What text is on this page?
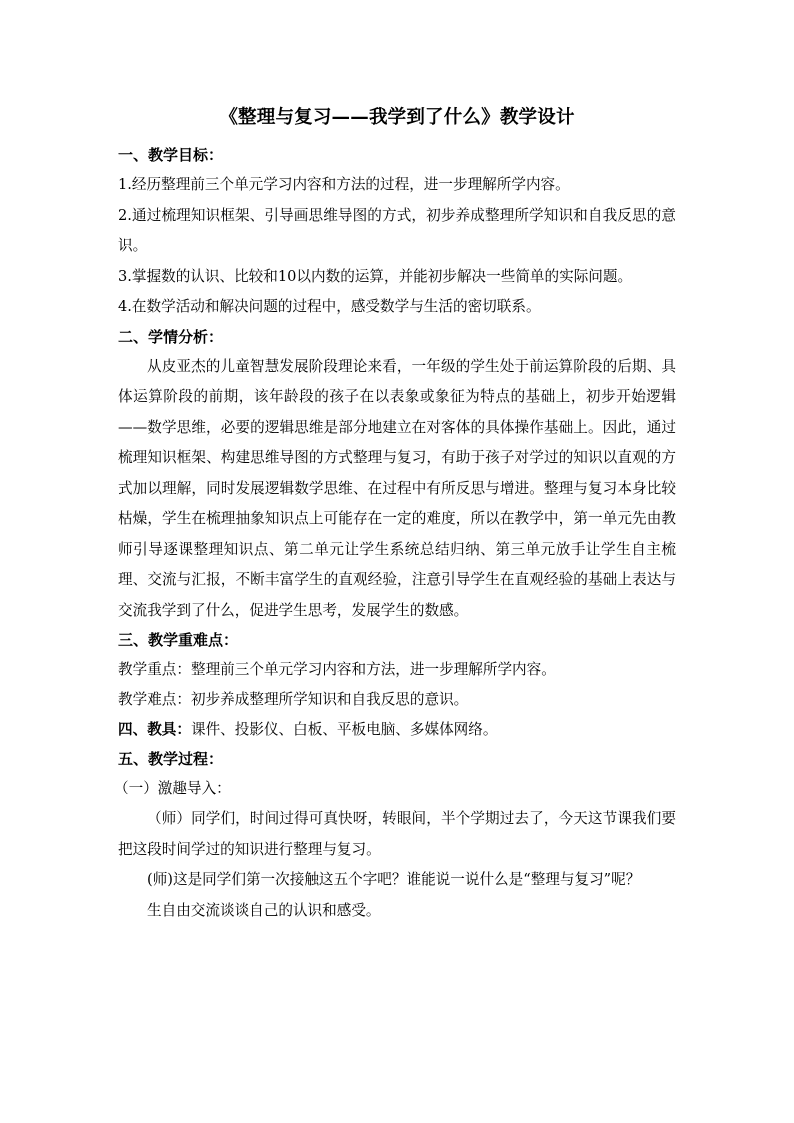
《整理与复习——我学到了什么》教学设计

一、教学目标：

1.经历整理前三个单元学习内容和方法的过程，进一步理解所学内容。

2.通过梳理知识框架、引导画思维导图的方式，初步养成整理所学知识和自我反思的意识。

3.掌握数的认识、比较和10以内数的运算，并能初步解决一些简单的实际问题。

4.在数学活动和解决问题的过程中，感受数学与生活的密切联系。

二、学情分析：

从皮亚杰的儿童智慧发展阶段理论来看，一年级的学生处于前运算阶段的后期、具体运算阶段的前期，该年龄段的孩子在以表象或象征为特点的基础上，初步开始逻辑——数学思维，必要的逻辑思维是部分地建立在对客体的具体操作基础上。因此，通过梳理知识框架、构建思维导图的方式整理与复习，有助于孩子对学过的知识以直观的方式加以理解，同时发展逻辑数学思维、在过程中有所反思与增进。整理与复习本身比较枯燥，学生在梳理抽象知识点上可能存在一定的难度，所以在教学中，第一单元先由教师引导逐课整理知识点、第二单元让学生系统总结归纳、第三单元放手让学生自主梳理、交流与汇报，不断丰富学生的直观经验，注意引导学生在直观经验的基础上表达与交流我学到了什么，促进学生思考，发展学生的数感。

三、教学重难点：

教学重点：整理前三个单元学习内容和方法，进一步理解所学内容。

教学难点：初步养成整理所学知识和自我反思的意识。

四、教具：课件、投影仪、白板、平板电脑、多媒体网络。

五、教学过程：

（一）激趣导入：

（师）同学们，时间过得可真快呀，转眼间，半个学期过去了，今天这节课我们要把这段时间学过的知识进行整理与复习。

(师)这是同学们第一次接触这五个字吧？谁能说一说什么是“整理与复习”呢？

生自由交流谈谈自己的认识和感受。
